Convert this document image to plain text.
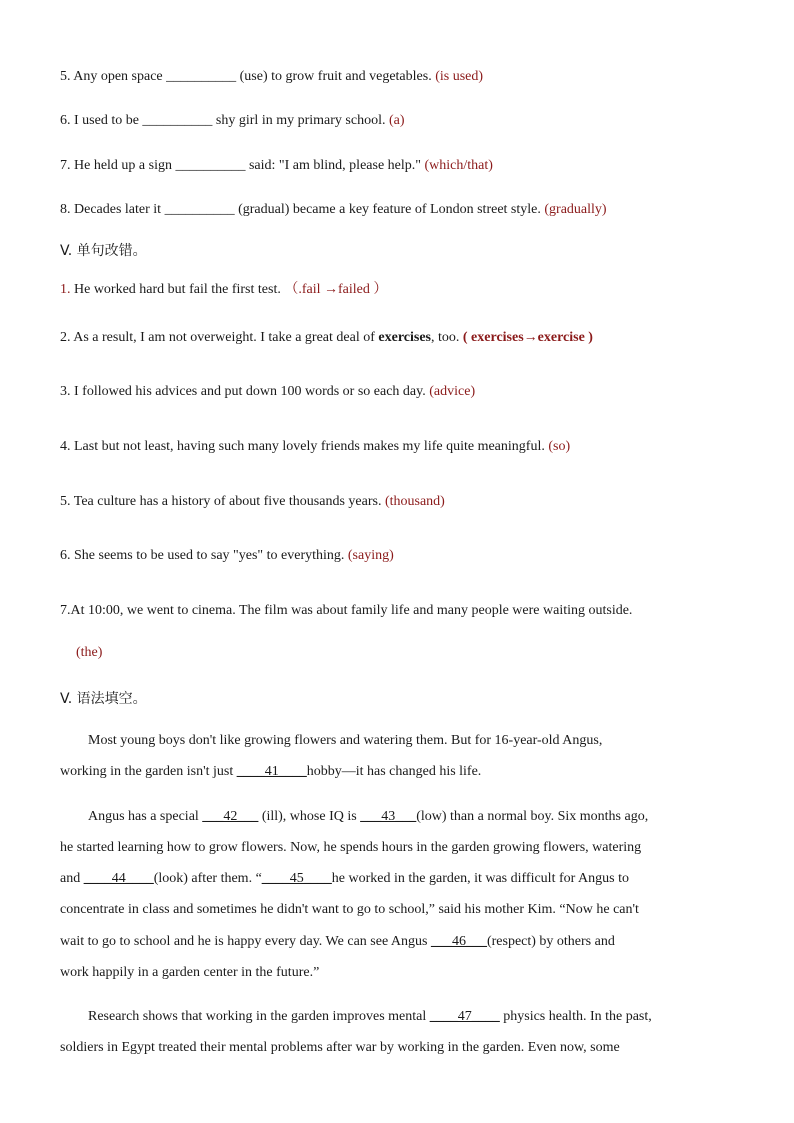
5. Any open space __________ (use) to grow fruit and vegetables. (is used)
6. I used to be __________ shy girl in my primary school. (a)
7. He held up a sign __________ said: "I am blind, please help." (which/that)
8. Decades later it __________ (gradual) became a key feature of London street style. (gradually)
V. 单句改错。
1. He worked hard but fail the first test. （.fail →failed ）
2. As a result, I am not overweight. I take a great deal of exercises, too. ( exercises→exercise )
3. I followed his advices and put down 100 words or so each day. (advice)
4. Last but not least, having such many lovely friends makes my life quite meaningful. (so)
5. Tea culture has a history of about five thousands years. (thousand)
6. She seems to be used to say "yes" to everything. (saying)
7.At 10:00, we went to cinema. The film was about family life and many people were waiting outside.
(the)
V. 语法填空。
Most young boys don't like growing flowers and watering them. But for 16-year-old Angus,
working in the garden isn't just ____41____hobby—it has changed his life.
Angus has a special ___42___ (ill), whose IQ is ___43___(low) than a normal boy. Six months ago,
he started learning how to grow flowers. Now, he spends hours in the garden growing flowers, watering
and ____44____(look) after them. “____45____he worked in the garden, it was difficult for Angus to
concentrate in class and sometimes he didn't want to go to school,” said his mother Kim. “Now he can't
wait to go to school and he is happy every day. We can see Angus ___46___(respect) by others and
work happily in a garden center in the future.”
Research shows that working in the garden improves mental ____47____ physics health. In the past,
soldiers in Egypt treated their mental problems after war by working in the garden. Even now, some
